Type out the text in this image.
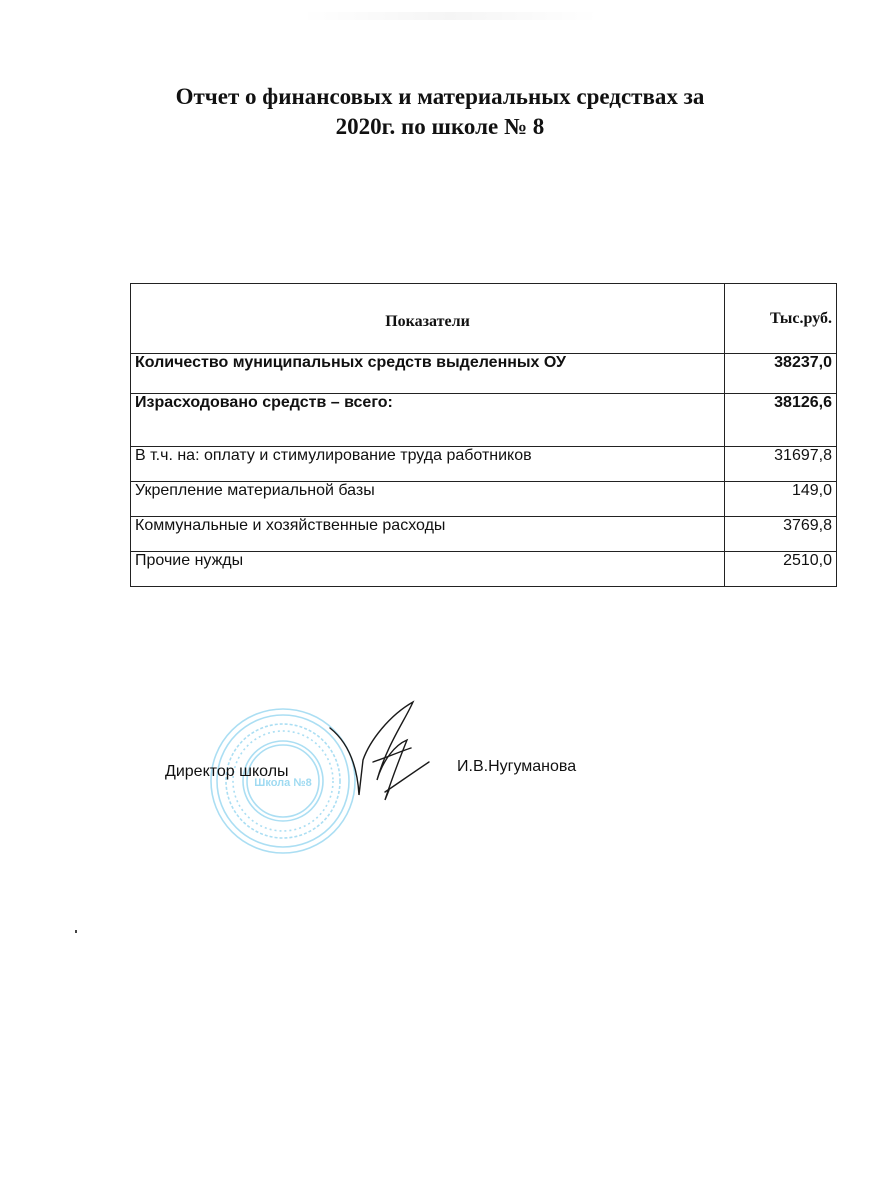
Отчет о финансовых и материальных средствах за
2020г. по школе № 8
Показатели	Тыс.руб.
Количество муниципальных средств выделенных ОУ	38237,0
Израсходовано средств – всего:	38126,6
В т.ч. на: оплату и стимулирование труда работников	31697,8
Укрепление материальной базы	149,0
Коммунальные и хозяйственные расходы	3769,8
Прочие нужды	2510,0
Школа №8
Директор школы	И.В.Нугуманова
